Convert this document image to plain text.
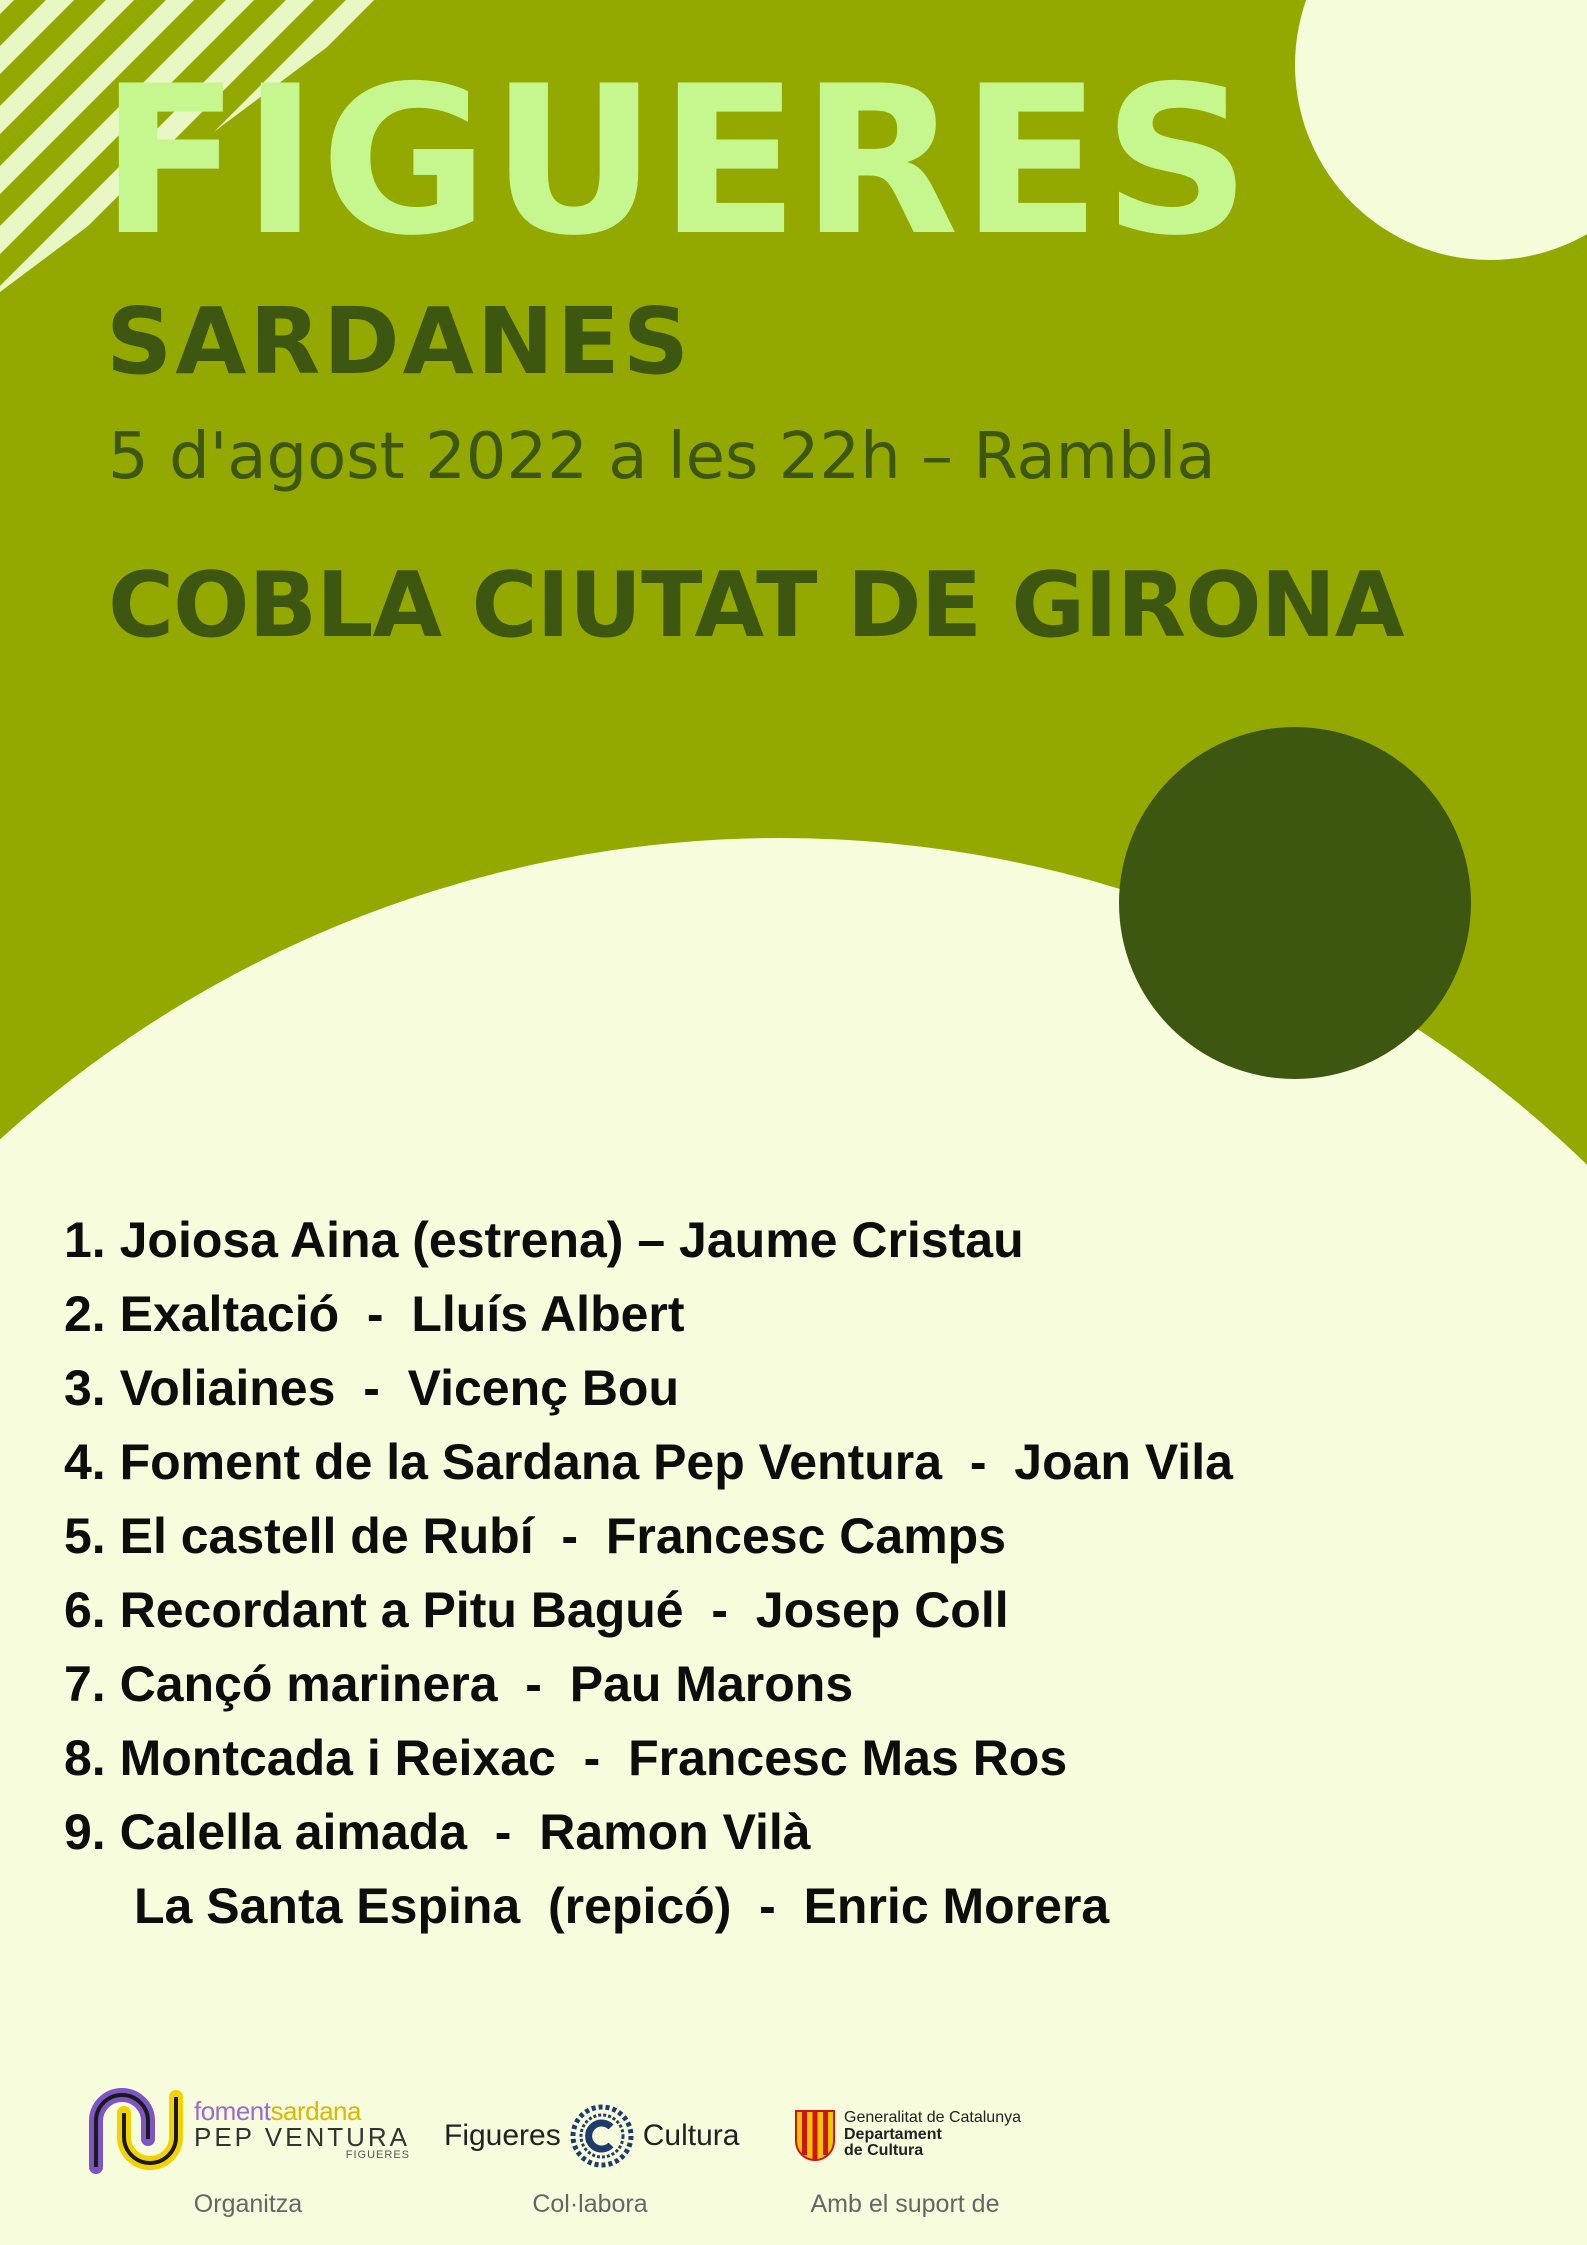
FIGUERES
SARDANES

5 d'agost 2022 a les 22h – Rambla

COBLA CIUTAT DE GIRONA
1. Joiosa Aina (estrena) – Jaume Cristau
2. Exaltació  -  Lluís Albert
3. Voliaines  -  Vicenç Bou
4. Foment de la Sardana Pep Ventura  -  Joan Vila
5. El castell de Rubí  -  Francesc Camps
6. Recordant a Pitu Bagué  -  Josep Coll
7. Cançó marinera  -  Pau Marons
8. Montcada i Reixac  -  Francesc Mas Ros
9. Calella aimada  -  Ramon Vilà
La Santa Espina  (repicó)  -  Enric Morera
fomentsardana
PEP VENTURA
FIGUERES
Figueres	Cultura
Generalitat de Catalunya
Departament
de Cultura
Organitza	Col·labora	Amb el suport de
